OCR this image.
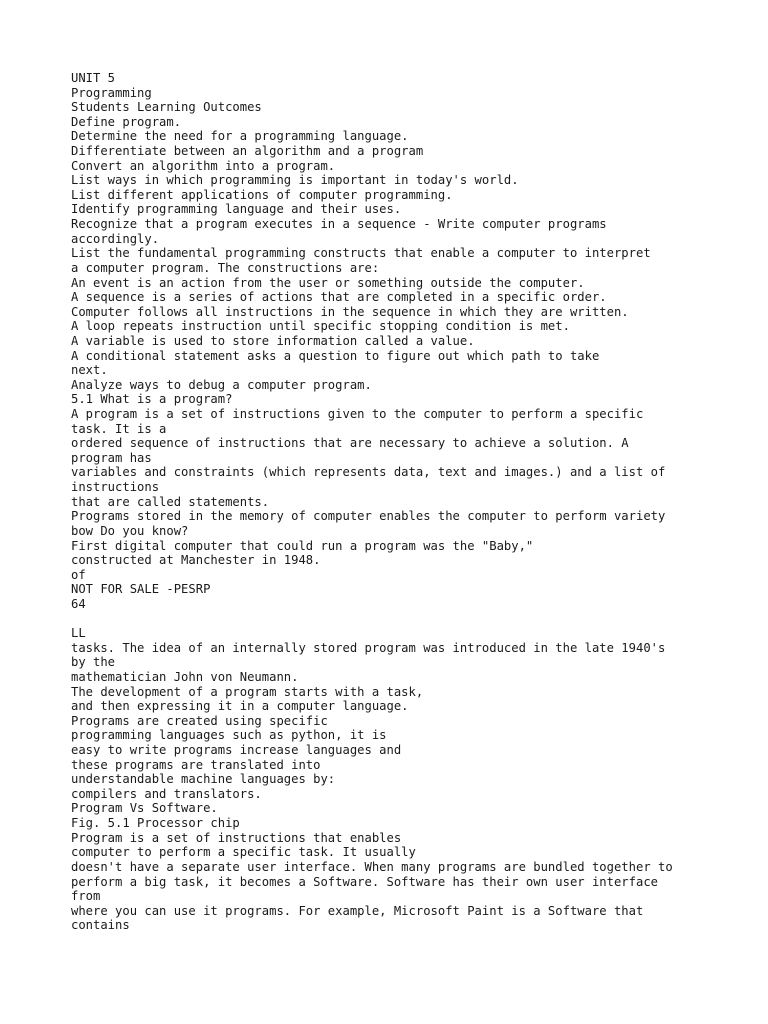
UNIT 5
Programming
Students Learning Outcomes
Define program.
Determine the need for a programming language.
Differentiate between an algorithm and a program
Convert an algorithm into a program.
List ways in which programming is important in today's world.
List different applications of computer programming.
Identify programming language and their uses.
Recognize that a program executes in a sequence - Write computer programs
accordingly.
List the fundamental programming constructs that enable a computer to interpret
a computer program. The constructions are:
An event is an action from the user or something outside the computer.
A sequence is a series of actions that are completed in a specific order.
Computer follows all instructions in the sequence in which they are written.
A loop repeats instruction until specific stopping condition is met.
A variable is used to store information called a value.
A conditional statement asks a question to figure out which path to take
next.
Analyze ways to debug a computer program.
5.1 What is a program?
A program is a set of instructions given to the computer to perform a specific
task. It is a
ordered sequence of instructions that are necessary to achieve a solution. A
program has
variables and constraints (which represents data, text and images.) and a list of
instructions
that are called statements.
Programs stored in the memory of computer enables the computer to perform variety
bow Do you know?
First digital computer that could run a program was the "Baby,"
constructed at Manchester in 1948.
of
NOT FOR SALE -PESRP
64
LL
tasks. The idea of an internally stored program was introduced in the late 1940's
by the
mathematician John von Neumann.
The development of a program starts with a task,
and then expressing it in a computer language.
Programs are created using specific
programming languages such as python, it is
easy to write programs increase languages and
these programs are translated into
understandable machine languages by:
compilers and translators.
Program Vs Software.
Fig. 5.1 Processor chip
Program is a set of instructions that enables
computer to perform a specific task. It usually
doesn't have a separate user interface. When many programs are bundled together to
perform a big task, it becomes a Software. Software has their own user interface
from
where you can use it programs. For example, Microsoft Paint is a Software that
contains
